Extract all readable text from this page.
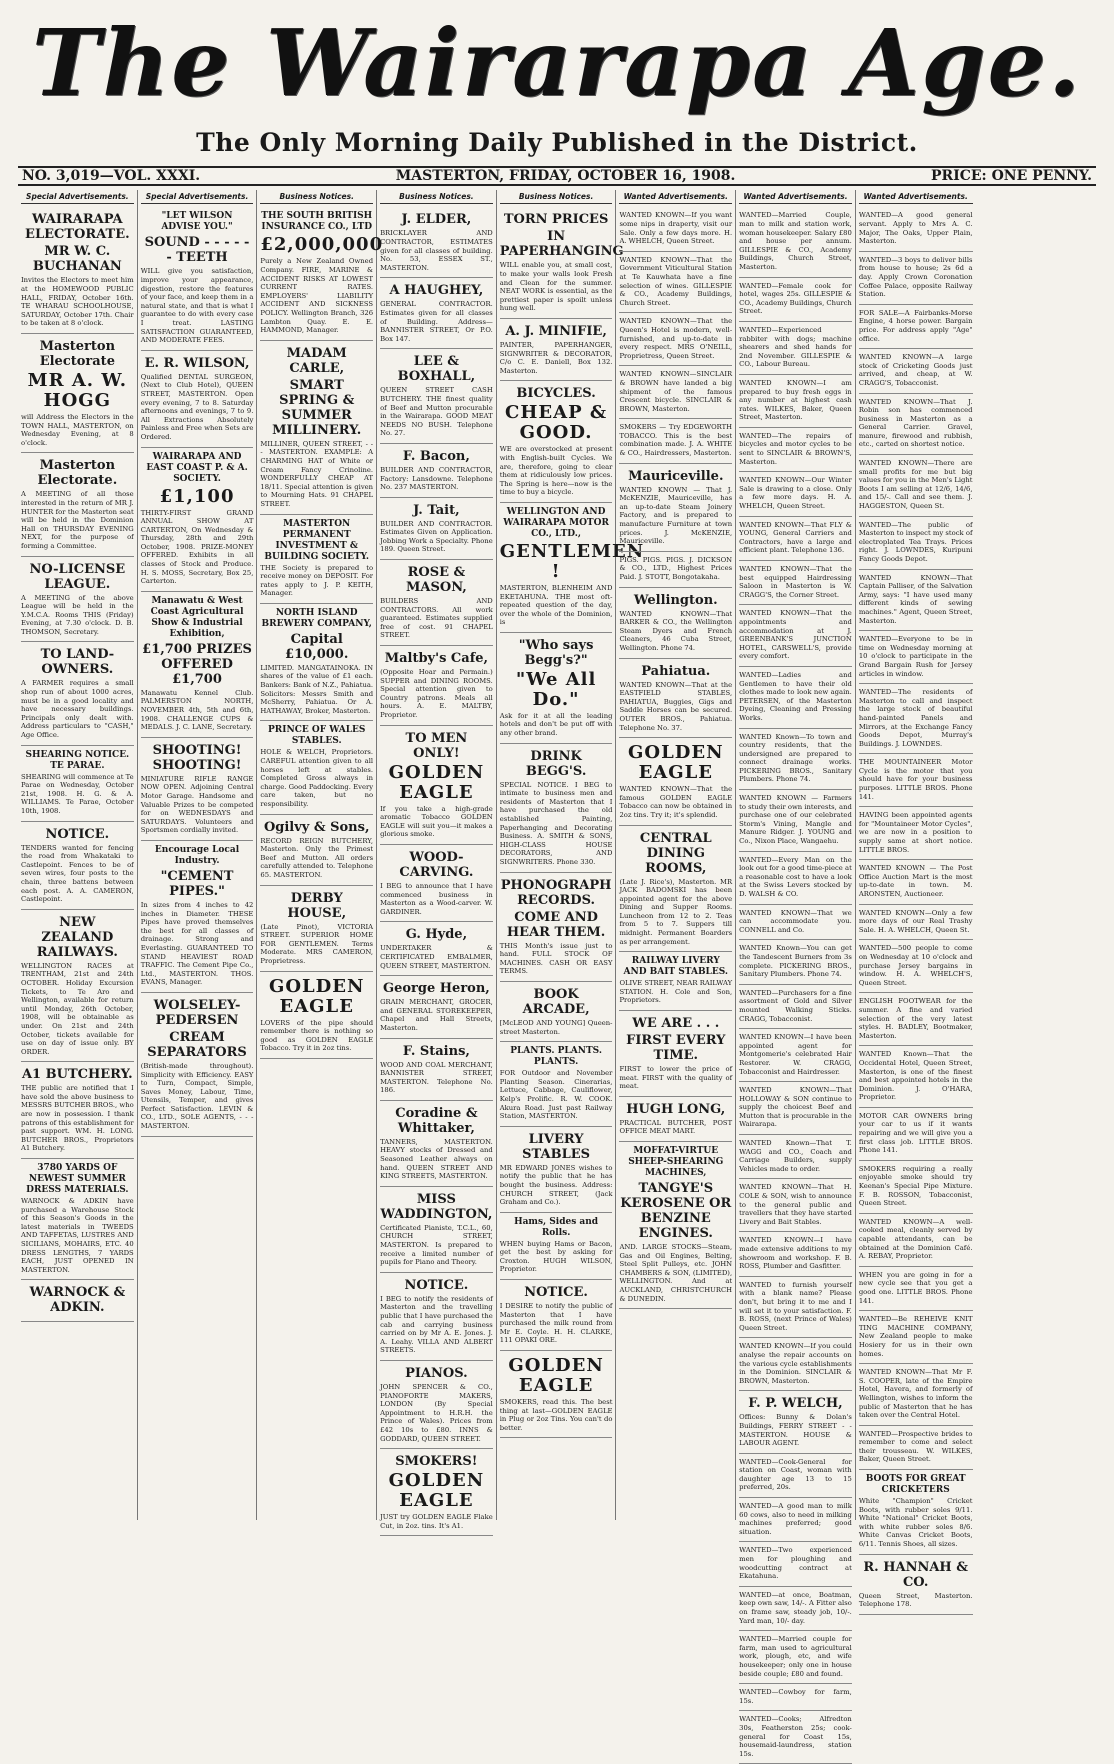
The Wairarapa Age.
The Only Morning Daily Published in the District.
NO. 3,019—VOL. XXXI.	MASTERTON, FRIDAY, OCTOBER 16, 1908.	PRICE: ONE PENNY.
Special Advertisements.
WAIRARAPA ELECTORATE.
MR W. C. BUCHANAN

Invites the Electors to meet him at the HOMEWOOD PUBLIC HALL, FRIDAY, October 16th. TE WHARAU SCHOOLHOUSE, SATURDAY, October 17th. Chair to be taken at 8 o'clock.

Masterton Electorate
MR A. W. HOGG

will Address the Electors in the TOWN HALL, MASTERTON, on Wednesday Evening, at 8 o'clock.

Masterton Electorate.

A MEETING of all those interested in the return of MR J. HUNTER for the Masterton seat will be held in the Dominion Hall on THURSDAY EVENING NEXT, for the purpose of forming a Committee.

NO-LICENSE LEAGUE.

A MEETING of the above League will be held in the Y.M.C.A. Rooms THIS (Friday) Evening, at 7.30 o'clock. D. B. THOMSON, Secretary.

TO LAND-OWNERS.

A FARMER requires a small shop run of about 1000 acres, must be in a good locality and have necessary buildings. Principals only dealt with. Address particulars to "CASH," Age Office.

SHEARING NOTICE. TE PARAE.

SHEARING will commence at Te Parae on Wednesday, October 21st, 1908. H. G. & A. WILLIAMS. Te Parae, October 10th, 1908.

NOTICE.

TENDERS wanted for fencing the road from Whakataki to Castlepoint. Fences to be of seven wires, four posts to the chain, three battens between each post. A. A. CAMERON, Castlepoint.

NEW ZEALAND RAILWAYS.

WELLINGTON RACES at TRENTHAM, 21st and 24th OCTOBER. Holiday Excursion Tickets, to Te Aro and Wellington, available for return until Monday, 26th October, 1908, will be obtainable as under. On 21st and 24th October, tickets available for use on day of issue only. BY ORDER.

A1 BUTCHERY.

THE public are notified that I have sold the above business to MESSRS BUTCHER BROS., who are now in possession. I thank patrons of this establishment for past support. WM. H. LONG. BUTCHER BROS., Proprietors A1 Butchery.

3780 YARDS OF NEWEST SUMMER DRESS MATERIALS.

WARNOCK & ADKIN have purchased a Warehouse Stock of this Season's Goods in the latest materials in TWEEDS AND TAFFETAS, LUSTRES AND SICILIANS, MOHAIRS, ETC. 40 DRESS LENGTHS, 7 YARDS EACH, JUST OPENED IN MASTERTON.

WARNOCK & ADKIN.
Special Advertisements.
"LET WILSON ADVISE YOU."
SOUND - - - - - - TEETH

WILL give you satisfaction, improve your appearance, digestion, restore the features of your face, and keep them in a natural state, and that is what I guarantee to do with every case I treat. LASTING SATISFACTION GUARANTEED, AND MODERATE FEES.

E. R. WILSON,

Qualified DENTAL SURGEON, (Next to Club Hotel), QUEEN STREET, MASTERTON. Open every evening, 7 to 8. Saturday afternoons and evenings, 7 to 9. All Extractions Absolutely Painless and Free when Sets are Ordered.

WAIRARAPA AND EAST COAST P. & A. SOCIETY.
£1,100

THIRTY-FIRST GRAND ANNUAL SHOW AT CARTERTON, On Wednesday & Thursday, 28th and 29th October, 1908. PRIZE-MONEY OFFERED. Exhibits in all classes of Stock and Produce. H. S. MOSS, Secretary, Box 25, Carterton.

Manawatu & West Coast Agricultural Show & Industrial Exhibition,
£1,700 PRIZES OFFERED £1,700

Manawatu Kennel Club. PALMERSTON NORTH, NOVEMBER 4th, 5th and 6th, 1908. CHALLENGE CUPS & MEDALS. J. C. LANE, Secretary.

SHOOTING! SHOOTING!

MINIATURE RIFLE RANGE NOW OPEN. Adjoining Central Motor Garage. Handsome and Valuable Prizes to be competed for on WEDNESDAYS and SATURDAYS. Volunteers and Sportsmen cordially invited.

Encourage Local Industry.
"CEMENT PIPES."

In sizes from 4 inches to 42 inches in Diameter. THESE Pipes have proved themselves the best for all classes of drainage. Strong and Everlasting. GUARANTEED TO STAND HEAVIEST ROAD TRAFFIC. The Cement Pipe Co., Ltd., MASTERTON. THOS. EVANS, Manager.

WOLSELEY-PEDERSEN
CREAM SEPARATORS

(British-made throughout). Simplicity with Efficiency. EASY to Turn, Compact, Simple, Saves Money, Labour, Time, Utensils, Temper, and gives Perfect Satisfaction. LEVIN & CO., LTD., SOLE AGENTS, - - - MASTERTON.

Business Notices.
THE SOUTH BRITISH INSURANCE CO., LTD
£2,000,000

Purely a New Zealand Owned Company. FIRE, MARINE & ACCIDENT RISKS AT LOWEST CURRENT RATES. EMPLOYERS' LIABILITY ACCIDENT AND SICKNESS POLICY. Wellington Branch, 326 Lambton Quay. E. E. HAMMOND, Manager.

MADAM CARLE,
SMART SPRING & SUMMER MILLINERY.

MILLINER, QUEEN STREET, - - - MASTERTON. EXAMPLE: A CHARMING HAT of White or Cream Fancy Crinoline. WONDERFULLY CHEAP AT 18/11. Special attention is given to Mourning Hats. 91 CHAPEL STREET.

MASTERTON PERMANENT INVESTMENT & BUILDING SOCIETY.

THE Society is prepared to receive money on DEPOSIT. For rates apply to J. P. KEITH, Manager.

NORTH ISLAND BREWERY COMPANY,
Capital £10,000.

LIMITED. MANGATAINOKA. IN shares of the value of £1 each. Bankers: Bank of N.Z., Pahiatua. Solicitors: Messrs Smith and McSherry, Pahiatua. Or A. HATHAWAY, Broker, Masterton.

PRINCE OF WALES STABLES.

HOLE & WELCH, Proprietors. CAREFUL attention given to all horses left at stables. Completed Gross always in charge. Good Paddocking. Every care taken, but no responsibility.

Ogilvy & Sons,

RECORD REIGN BUTCHERY, Masterton. Only the Primest Beef and Mutton. All orders carefully attended to. Telephone 65. MASTERTON.

DERBY HOUSE,

(Late Pinot), VICTORIA STREET. SUPERIOR HOME FOR GENTLEMEN. Terms Moderate. MRS CAMERON, Proprietress.

GOLDEN EAGLE

LOVERS of the pipe should remember there is nothing so good as GOLDEN EAGLE Tobacco. Try it in 2oz tins.

Business Notices.
J. ELDER,

BRICKLAYER AND CONTRACTOR, ESTIMATES given for all classes of building. No. 53, ESSEX ST., MASTERTON.

A HAUGHEY,

GENERAL CONTRACTOR. Estimates given for all classes of Building. Address—BANNISTER STREET, Or P.O. Box 147.

LEE & BOXHALL,

QUEEN STREET CASH BUTCHERY. THE finest quality of Beef and Mutton procurable in the Wairarapa. GOOD MEAT NEEDS NO BUSH. Telephone No. 27.

F. Bacon,

BUILDER AND CONTRACTOR, Factory: Lansdowne. Telephone No. 237 MASTERTON.

J. Tait,

BUILDER AND CONTRACTOR. Estimates Given on Application. Jobbing Work a Specialty. Phone 189. Queen Street.

ROSE & MASON,

BUILDERS AND CONTRACTORS. All work guaranteed. Estimates supplied free of cost. 91 CHAPEL STREET.

Maltby's Cafe,

(Opposite Hoar and Permain.) SUPPER and DINING ROOMS. Special attention given to Country patrons. Meals all hours. A. E. MALTBY, Proprietor.

TO MEN ONLY!
GOLDEN EAGLE

If you take a high-grade aromatic Tobacco GOLDEN EAGLE will suit you—it makes a glorious smoke.

WOOD-CARVING.

I BEG to announce that I have commenced business in Masterton as a Wood-carver. W. GARDINER.

G. Hyde,

UNDERTAKER & CERTIFICATED EMBALMER, QUEEN STREET, MASTERTON.

George Heron,

GRAIN MERCHANT, GROCER, and GENERAL STOREKEEPER, Chapel and Hall Streets, Masterton.

F. Stains,

WOOD AND COAL MERCHANT, BANNISTER STREET, MASTERTON. Telephone No. 186.

Coradine & Whittaker,

TANNERS, MASTERTON. HEAVY stocks of Dressed and Seasoned Leather always on hand. QUEEN STREET AND KING STREETS, MASTERTON.

MISS WADDINGTON,

Certificated Pianiste, T.C.L., 60, CHURCH STREET, MASTERTON. Is prepared to receive a limited number of pupils for Piano and Theory.

NOTICE.

I BEG to notify the residents of Masterton and the travelling public that I have purchased the cab and carrying business carried on by Mr A. E. Jones. J. A. Leahy. VILLA AND ALBERT STREETS.

PIANOS.

JOHN SPENCER & CO., PIANOFORTE MAKERS, LONDON (By Special Appointment to H.R.H. the Prince of Wales). Prices from £42 10s to £80. INNS & GODDARD, QUEEN STREET.

SMOKERS!
GOLDEN EAGLE

JUST try GOLDEN EAGLE Flake Cut, in 2oz. tins. It's A1.

Business Notices.
TORN PRICES
IN PAPERHANGING

WILL enable you, at small cost, to make your walls look Fresh and Clean for the summer. NEAT WORK is essential, as the prettiest paper is spoilt unless hung well.

A. J. MINIFIE,

PAINTER, PAPERHANGER, SIGNWRITER & DECORATOR, C/o C. E. Daniell, Box 132. Masterton.

BICYCLES.
CHEAP & GOOD.

WE are overstocked at present with English-built Cycles. We are, therefore, going to clear them at ridiculously low prices. The Spring is here—now is the time to buy a bicycle.

WELLINGTON AND WAIRARAPA MOTOR CO., LTD.,
GENTLEMEN !

MASTERTON, BLENHEIM AND EKETAHUNA. THE most oft-repeated question of the day, over the whole of the Dominion, is

"Who says Begg's?"
"We All Do."

Ask for it at all the leading hotels and don't be put off with any other brand.

DRINK BEGG'S.

SPECIAL NOTICE. I BEG to intimate to business men and residents of Masterton that I have purchased the old established Painting, Paperhanging and Decorating Business. A. SMITH & SONS, HIGH-CLASS HOUSE DECORATORS, AND SIGNWRITERS. Phone 330.

PHONOGRAPH RECORDS.
COME AND HEAR THEM.

THIS Month's issue just to hand. FULL STOCK OF MACHINES. CASH OR EASY TERMS.

BOOK ARCADE,

[McLEOD AND YOUNG] Queen-street Masterton.

PLANTS. PLANTS. PLANTS.

FOR Outdoor and November Planting Season. Cinerarias, Lettuce, Cabbage, Cauliflower, Kelp's Prolific. R. W. COOK. Akura Road. Just past Railway Station, MASTERTON.

LIVERY STABLES

MR EDWARD JONES wishes to notify the public that he has bought the business. Address: CHURCH STREET, (Jack Graham and Co.).

Hams, Sides and Rolls.

WHEN buying Hams or Bacon, get the best by asking for Croxton. HUGH WILSON, Proprietor.

NOTICE.

I DESIRE to notify the public of Masterton that I have purchased the milk round from Mr E. Coyle. H. H. CLARKE, 111 OPAKI ORE.

GOLDEN EAGLE

SMOKERS, read this. The best thing at last—GOLDEN EAGLE in Plug or 2oz Tins. You can't do better.

Wanted Advertisements.

WANTED KNOWN—If you want some nips in draperty, visit our Sale. Only a few days more. H. A. WHELCH, Queen Street.

WANTED KNOWN—That the Government Viticultural Station at Te Kauwhata have a fine selection of wines. GILLESPIE & CO., Academy Buildings, Church Street.

WANTED KNOWN—That the Queen's Hotel is modern, well-furnished, and up-to-date in every respect. MRS O'NEILL, Proprietress, Queen Street.

WANTED KNOWN—SINCLAIR & BROWN have landed a big shipment of the famous Crescent bicycle. SINCLAIR & BROWN, Masterton.

SMOKERS — Try EDGEWORTH TOBACCO. This is the best combination made. J. A. WHITE & CO., Hairdressers, Masterton.

Mauriceville.

WANTED KNOWN — That J. McKENZIE, Mauriceville, has an up-to-date Steam Joinery Factory, and is prepared to manufacture Furniture at town prices. J. McKENZIE, Mauriceville.

PIGS. PIGS. PIGS. J. DICKSON & CO., LTD., Highest Prices Paid. J. STOTT, Bongotakaha.

Wellington.

WANTED KNOWN—That BARKER & CO., the Wellington Steam Dyers and French Cleaners, 46 Cuba Street, Wellington. Phone 74.

Pahiatua.

WANTED KNOWN—That at the EASTFIELD STABLES, PAHIATUA, Buggies, Gigs and Saddle Horses can be secured. OUTER BROS., Pahiatua. Telephone No. 37.

GOLDEN EAGLE

WANTED KNOWN—That the famous GOLDEN EAGLE Tobacco can now be obtained in 2oz tins. Try it; it's splendid.

CENTRAL DINING ROOMS,

(Late J. Rice's), Masterton. MR JACK BADOMSKI has been appointed agent for the above Dining and Supper Rooms. Luncheon from 12 to 2. Teas from 5 to 7. Suppers till midnight. Permanent Boarders as per arrangement.

RAILWAY LIVERY AND BAIT STABLES.

OLIVE STREET, NEAR RAILWAY STATION. H. Cole and Son, Proprietors.

WE ARE . . .
FIRST EVERY TIME.

FIRST to lower the price of meat. FIRST with the quality of meat.

HUGH LONG,

PRACTICAL BUTCHER, POST OFFICE MEAT MART.

MOFFAT-VIRTUE SHEEP-SHEARING MACHINES,
TANGYE'S KEROSENE OR BENZINE ENGINES.

AND. LARGE STOCKS—Steam, Gas and Oil Engines, Belting, Steel Split Pulleys, etc. JOHN CHAMBERS & SON, (LIMITED), WELLINGTON. And at AUCKLAND, CHRISTCHURCH & DUNEDIN.

Wanted Advertisements.

WANTED—Married Couple, man to milk and station work, woman housekeeper. Salary £80 and house per annum. GILLESPIE & CO., Academy Buildings, Church Street, Masterton.

WANTED—Female cook for hotel, wages 25s. GILLESPIE & CO., Academy Buildings, Church Street.

WANTED—Experienced rabbiter with dogs; machine shearers and shed hands for 2nd November. GILLESPIE & CO., Labour Bureau.

WANTED KNOWN—I am prepared to buy fresh eggs in any number at highest cash rates. WILKES, Baker, Queen Street, Masterton.

WANTED—The repairs of bicycles and motor cycles to be sent to SINCLAIR & BROWN'S, Masterton.

WANTED KNOWN—Our Winter Sale is drawing to a close. Only a few more days. H. A. WHELCH, Queen Street.

WANTED KNOWN—That FLY & YOUNG, General Carriers and Contractors, have a large and efficient plant. Telephone 136.

WANTED KNOWN—That the best equipped Hairdressing Saloon in Masterton is W. CRAGG'S, the Corner Street.

WANTED KNOWN—That the appointments and accommodation at J. GREENBANK'S JUNCTION HOTEL, CARSWELL'S, provide every comfort.

WANTED—Ladies and Gentlemen to have their old clothes made to look new again. PETERSEN, of the Masterton Dyeing, Cleaning and Pressing Works.

WANTED Known—To town and country residents, that the undersigned are prepared to connect drainage works. PICKERING BROS., Sanitary Plumbers. Phone 74.

WANTED KNOWN — Farmers to study their own interests, and purchase one of our celebrated Storm's Vining, Mangle and Manure Ridger. J. YOUNG and Co., Nixon Place, Wangaehu.

WANTED—Every Man on the look out for a good time-piece at a reasonable cost to have a look at the Swiss Levers stocked by D. WALSH & CO.

WANTED KNOWN—That we can accommodate you. CONNELL and Co.

WANTED Known—You can get the Tandescent Burners from 3s complete. PICKERING BROS., Sanitary Plumbers. Phone 74.

WANTED—Purchasers for a fine assortment of Gold and Silver mounted Walking Sticks. CRAGG, Tobacconist.

WANTED KNOWN—I have been appointed agent for Montgomerie's celebrated Hair Restorer. W. CRAGG, Tobacconist and Hairdresser.

WANTED KNOWN—That HOLLOWAY & SON continue to supply the choicest Beef and Mutton that is procurable in the Wairarapa.

WANTED Known—That T. WAGG and CO., Coach and Carriage Builders, supply Vehicles made to order.

WANTED KNOWN—That H. COLE & SON, wish to announce to the general public and travellers that they have started Livery and Bait Stables.

WANTED KNOWN—I have made extensive additions to my showroom and workshop. F. B. ROSS, Plumber and Gasfitter.

WANTED to furnish yourself with a blank name? Please don't, but bring it to me and I will set it to your satisfaction. F. B. ROSS, (next Prince of Wales) Queen Street.

WANTED KNOWN—If you could analyse the repair accounts on the various cycle establishments in the Dominion. SINCLAIR & BROWN, Masterton.

F. P. WELCH,

Offices: Bunny & Dolan's Buildings, FERRY STREET - - MASTERTON. HOUSE & LABOUR AGENT.

WANTED—Cook-General for station on Coast, woman with daughter age 13 to 15 preferred, 20s.

WANTED—A good man to milk 60 cows, also to need in milking machines preferred; good situation.

WANTED—Two experienced men for ploughing and woodcutting contract at Ekatahuna.

WANTED—at once, Boatman, keep own saw, 14/-. A Fitter also on frame saw, steady job, 10/-. Yard man, 10/- day.

WANTED—Married couple for farm, man used to agricultural work, plough, etc, and wife housekeeper; only one in house beside couple; £80 and found.

WANTED—Cowboy for farm, 15s.

WANTED—Cooks; Alfredton 30s, Featherston 25s; cook-general for Coast 15s, housemaid-laundress, station 15s.

Wanted Advertisements.

WANTED—A good general servant. Apply to Mrs A. C. Major, The Oaks, Upper Plain, Masterton.

WANTED—3 boys to deliver bills from house to house; 2s 6d a day. Apply Crown Coronation Coffee Palace, opposite Railway Station.

FOR SALE—A Fairbanks-Morse Engine, 4 horse power. Bargain price. For address apply "Age" office.

WANTED KNOWN—A large stock of Cricketing Goods just arrived, and cheap, at W. CRAGG'S, Tobacconist.

WANTED KNOWN—That J. Robin son has commenced business in Masterton as a General Carrier. Gravel, manure, firewood and rubbish, etc., carted on shortest notice.

WANTED KNOWN—There are small profits for me but big values for you in the Men's Light Boots I am selling at 12/6, 14/6, and 15/-. Call and see them. J. HAGGESTON, Queen St.

WANTED—The public of Masterton to inspect my stock of electroplated Tea Trays. Prices right. J. LOWNDES, Kuripuni Fancy Goods Depot.

WANTED KNOWN—That Captain Palliser, of the Salvation Army, says: "I have used many different kinds of sewing machines." Agent, Queen Street, Masterton.

WANTED—Everyone to be in time on Wednesday morning at 10 o'clock to participate in the Grand Bargain Rush for Jersey articles in window.

WANTED—The residents of Masterton to call and inspect the large stock of beautiful hand-painted Panels and Mirrors, at the Exchange Fancy Goods Depot, Murray's Buildings. J. LOWNDES.

THE MOUNTAINEER Motor Cycle is the motor that you should have for your business purposes. LITTLE BROS. Phone 141.

HAVING been appointed agents for "Mountaineer Motor Cycles", we are now in a position to supply same at short notice. LITTLE BROS.

WANTED KNOWN — The Post Office Auction Mart is the most up-to-date in town. M. ARONSTEN, Auctioneer.

WANTED KNOWN—Only a few more days of our Real Trashy Sale. H. A. WHELCH, Queen St.

WANTED—500 people to come on Wednesday at 10 o'clock and purchase Jersey bargains in window. H. A. WHELCH'S, Queen Street.

ENGLISH FOOTWEAR for the summer. A fine and varied selection of the very latest styles. H. BADLEY, Bootmaker, Masterton.

WANTED Known—That the Occidental Hotel, Queen Street, Masterton, is one of the finest and best appointed hotels in the Dominion. J. O'HARA, Proprietor.

MOTOR CAR OWNERS bring your car to us if it wants repairing and we will give you a first class job. LITTLE BROS. Phone 141.

SMOKERS requiring a really enjoyable smoke should try Keenan's Special Pipe Mixture. F. B. ROSSON, Tobacconist, Queen Street.

WANTED KNOWN—A well-cooked meal, cleanly served by capable attendants, can be obtained at the Dominion Café. A. REBAY, Proprietor.

WHEN you are going in for a new cycle see that you get a good one. LITTLE BROS. Phone 141.

WANTED—Be REHEIVE KNIT TING MACHINE COMPANY, New Zealand people to make Hosiery for us in their own homes.

WANTED KNOWN—That Mr F. S. COOPER, late of the Empire Hotel, Havera, and formerly of Wellington, wishes to inform the public of Masterton that he has taken over the Central Hotel.

WANTED—Prospective brides to remember to come and select their trousseau. W. WILKES, Baker, Queen Street.

BOOTS FOR GREAT CRICKETERS

White "Champion" Cricket Boots, with rubber soles 9/11. White "National" Cricket Boots, with white rubber soles 8/6. White Canvas Cricket Boots, 6/11. Tennis Shoes, all sizes.

R. HANNAH & CO.

Queen Street, Masterton. Telephone 178.
